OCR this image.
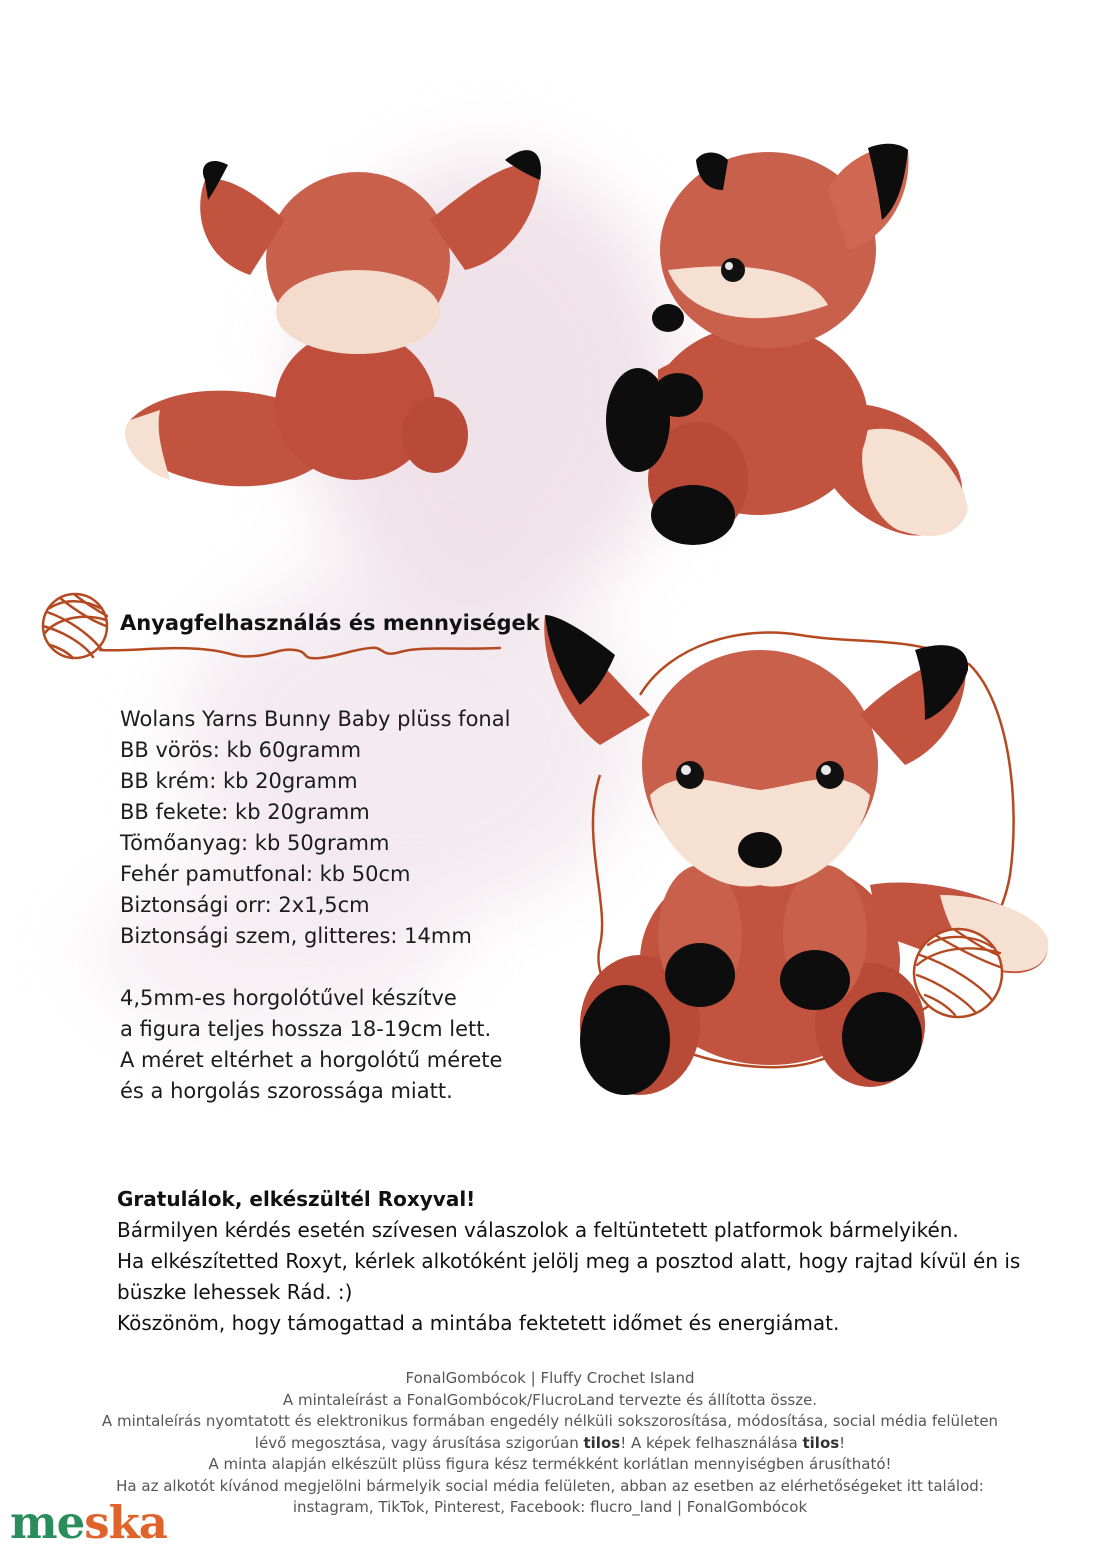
Anyagfelhasználás és mennyiségek
Wolans Yarns Bunny Baby plüss fonal
BB vörös: kb 60gramm
BB krém: kb 20gramm
BB fekete: kb 20gramm
Tömőanyag: kb 50gramm
Fehér pamutfonal: kb 50cm
Biztonsági orr: 2x1,5cm
Biztonsági szem, glitteres: 14mm
4,5mm-es horgolótűvel készítve
a figura teljes hossza 18-19cm lett.
A méret eltérhet a horgolótű mérete
és a horgolás szorossága miatt.
Gratulálok, elkészültél Roxyval!
Bármilyen kérdés esetén szívesen válaszolok a feltüntetett platformok bármelyikén.
Ha elkészítetted Roxyt, kérlek alkotóként jelölj meg a posztod alatt, hogy rajtad kívül én is büszke lehessek Rád. :)
Köszönöm, hogy támogattad a mintába fektetett időmet és energiámat.
FonalGombócok | Fluffy Crochet Island
A mintaleírást a FonalGombócok/FlucroLand tervezte és állította össze.
A mintaleírás nyomtatott és elektronikus formában engedély nélküli sokszorosítása, módosítása, social média felületen
lévő megosztása, vagy árusítása szigorúan tilos! A képek felhasználása tilos!
A minta alapján elkészült plüss figura kész termékként korlátlan mennyiségben árusítható!
Ha az alkotót kívánod megjelölni bármelyik social média felületen, abban az esetben az elérhetőségeket itt találod:
instagram, TikTok, Pinterest, Facebook: flucro_land | FonalGombócok
meska
